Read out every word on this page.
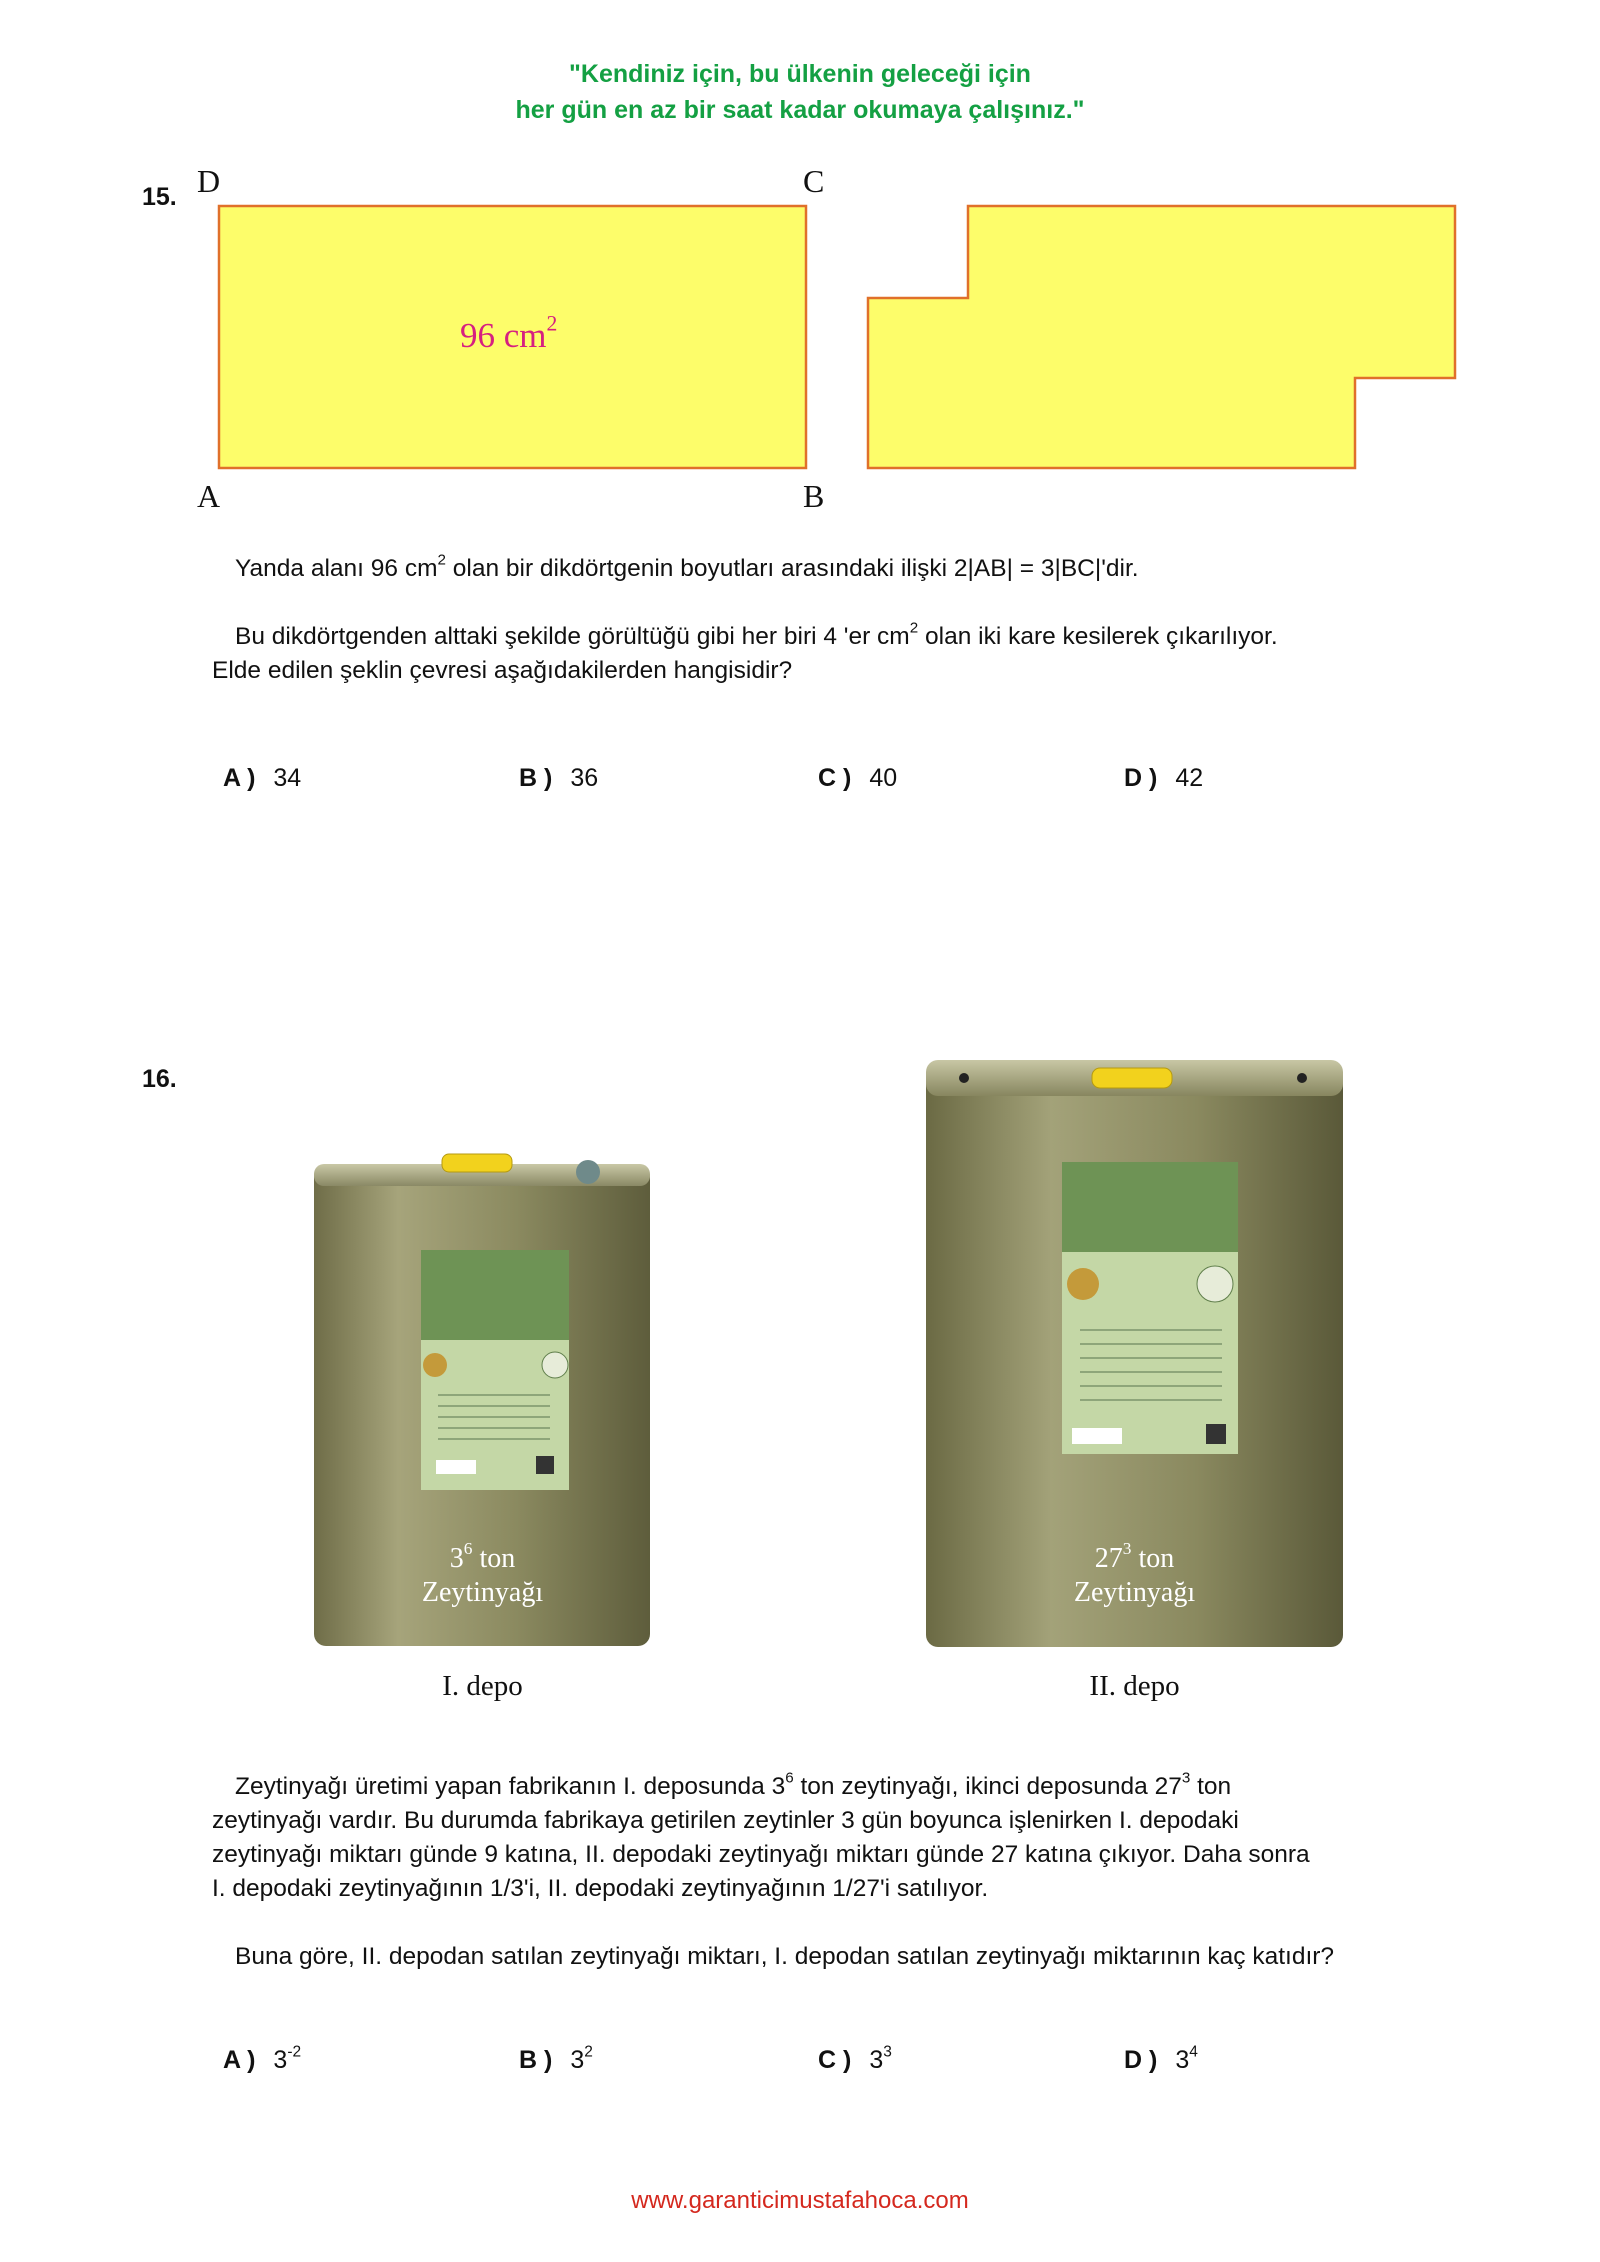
"Kendiniz için, bu ülkenin geleceği için
her gün en az bir saat kadar okumaya çalışınız."
15. D	C
A	B
96 $cm^2$

Yanda alanı 96 $cm^2$ olan bir dikdörtgenin boyutları arasındaki ilişki 2|AB| = 3|BC|'dir.

Bu dikdörtgenden alttaki şekilde görültüğü gibi her biri 4 'er $cm^2$ olan iki kare kesilerek çıkarılıyor.

Elde edilen şeklin çevresi aşağıdakilerden hangisidir?

A ) 34	B ) 36	C ) 40	D ) 42
16.
$3^6$ ton
Zeytinyağı
I. depo
$27^3$ ton
Zeytinyağı
II. depo

Zeytinyağı üretimi yapan fabrikanın I. deposunda $3^6$ ton zeytinyağı, ikinci deposunda $27^3$ ton

zeytinyağı vardır. Bu durumda fabrikaya getirilen zeytinler 3 gün boyunca işlenirken I. depodaki

zeytinyağı miktarı günde 9 katına, II. depodaki zeytinyağı miktarı günde 27 katına çıkıyor. Daha sonra

I. depodaki zeytinyağının 1/3'i, II. depodaki zeytinyağının 1/27'i satılıyor.

Buna göre, II. depodan satılan zeytinyağı miktarı, I. depodan satılan zeytinyağı miktarının kaç katıdır?

A ) $3^{-2}$	B ) $3^2$	C ) $3^3$	D ) $3^4$
www.garanticimustafahoca.com
